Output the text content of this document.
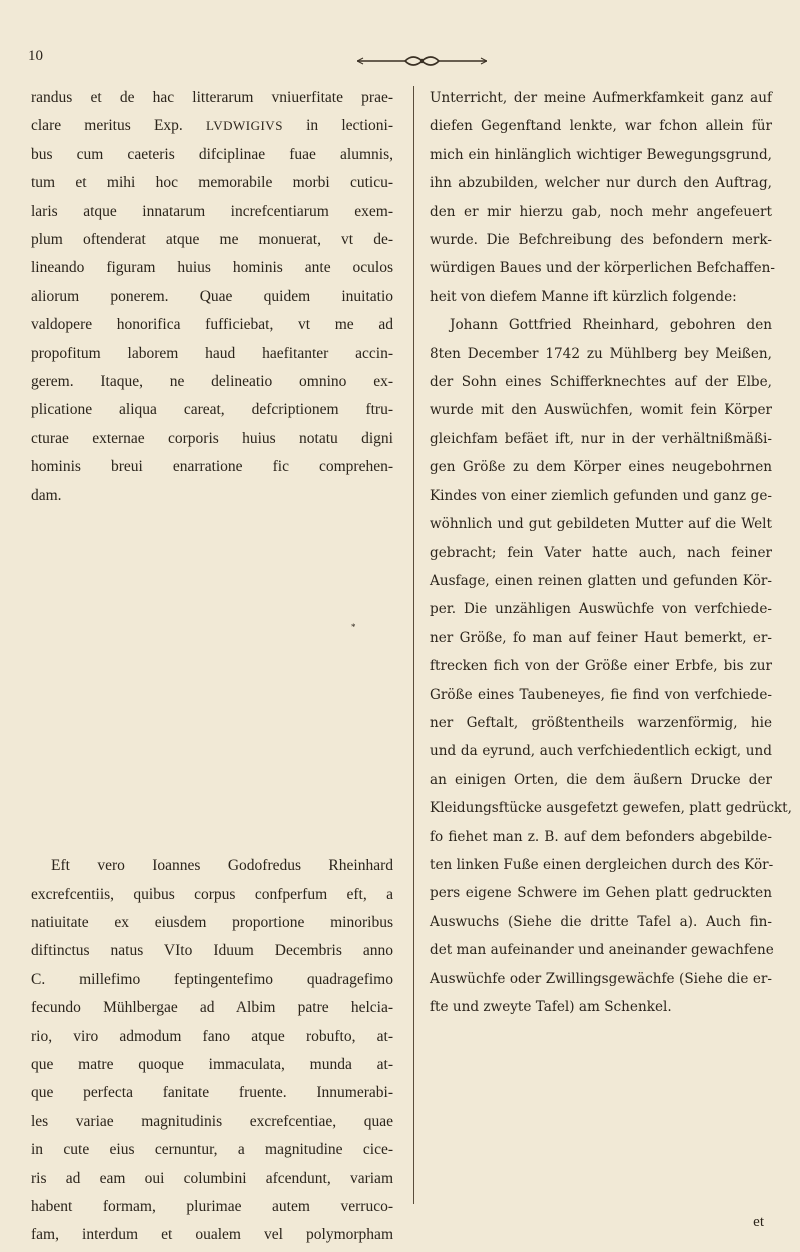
10
randus et de hac litterarum vniuerfitate prae-
clare meritus Exp. LVDWIGIVS in lectioni-
bus cum caeteris difciplinae fuae alumnis,
tum et mihi hoc memorabile morbi cuticu-
laris atque innatarum increfcentiarum exem-
plum oftenderat atque me monuerat, vt de-
lineando figuram huius hominis ante oculos
aliorum ponerem. Quae quidem inuitatio
valdopere honorifica fufficiebat, vt me ad
propofitum laborem haud haefitanter accin-
gerem. Itaque, ne delineatio omnino ex-
plicatione aliqua careat, defcriptionem ftru-
cturae externae corporis huius notatu digni
hominis breui enarratione fic comprehen-
dam.
Eft vero Ioannes Godofredus Rheinhard
excrefcentiis, quibus corpus confperfum eft, a
natiuitate ex eiusdem proportione minoribus
diftinctus natus VIto Iduum Decembris anno
C. millefimo feptingentefimo quadragefimo
fecundo Mühlbergae ad Albim patre helcia-
rio, viro admodum fano atque robufto, at-
que matre quoque immaculata, munda at-
que perfecta fanitate fruente. Innumerabi-
les variae magnitudinis excrefcentiae, quae
in cute eius cernuntur, a magnitudine cice-
ris ad eam oui columbini afcendunt, variam
habent formam, plurimae autem verruco-
fam, interdum et oualem vel polymorpham
*
Unterricht, der meine Aufmerkfamkeit ganz auf
diefen Gegenftand lenkte, war fchon allein für
mich ein hinlänglich wichtiger Bewegungsgrund,
ihn abzubilden, welcher nur durch den Auftrag,
den er mir hierzu gab, noch mehr angefeuert
wurde. Die Befchreibung des befondern merk-
würdigen Baues und der körperlichen Befchaffen-
heit von diefem Manne ift kürzlich folgende:
Johann Gottfried Rheinhard, gebohren den
8ten December 1742 zu Mühlberg bey Meißen,
der Sohn eines Schifferknechtes auf der Elbe,
wurde mit den Auswüchfen, womit fein Körper
gleichfam befäet ift, nur in der verhältnißmäßi-
gen Größe zu dem Körper eines neugebohrnen
Kindes von einer ziemlich gefunden und ganz ge-
wöhnlich und gut gebildeten Mutter auf die Welt
gebracht; fein Vater hatte auch, nach feiner
Ausfage, einen reinen glatten und gefunden Kör-
per. Die unzähligen Auswüchfe von verfchiede-
ner Größe, fo man auf feiner Haut bemerkt, er-
ftrecken fich von der Größe einer Erbfe, bis zur
Größe eines Taubeneyes, fie find von verfchiede-
ner Geftalt, größtentheils warzenförmig, hie
und da eyrund, auch verfchiedentlich eckigt, und
an einigen Orten, die dem äußern Drucke der
Kleidungsftücke ausgefetzt gewefen, platt gedrückt,
fo fiehet man z. B. auf dem befonders abgebilde-
ten linken Fuße einen dergleichen durch des Kör-
pers eigene Schwere im Gehen platt gedruckten
Auswuchs (Siehe die dritte Tafel a). Auch fin-
det man aufeinander und aneinander gewachfene
Auswüchfe oder Zwillingsgewächfe (Siehe die er-
fte und zweyte Tafel) am Schenkel.
et
